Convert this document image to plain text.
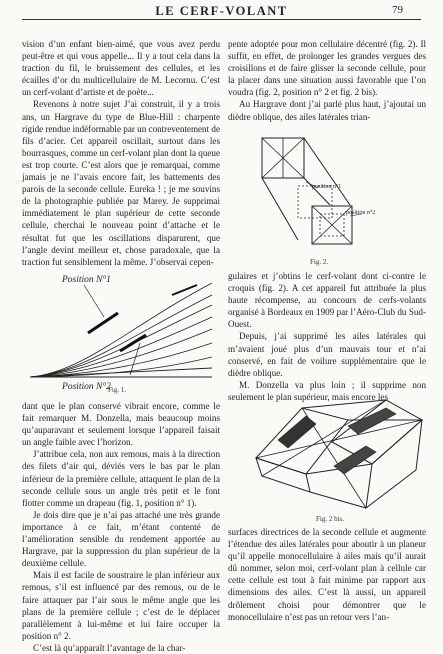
LE CERF-VOLANT	79

vision d’un enfant bien-aimé, que vous avez perdu peut-être et qui vous appelle... Il y a tout cela dans la traction du fil, le bruissement des cellules, et les écailles d’or du multicellulaire de M. Lecornu. C’est un cerf-volant d’artiste et de poète...

Revenons à notre sujet J’ai construit, il y a trois ans, un Hargrave du type de Blue-Hill : charpente rigide rendue indéformable par un contreventement de fils d’acier. Cet appareil oscillait, surtout dans les bourrasques, comme un cerf-volant plan dont la queue est trop courte. C’est alors que je remarquai, comme jamais je ne l’avais encore fait, les battements des parois de la seconde cellule. Eureka ! ; je me souvins de la photographie publiée par Marey. Je supprimai immédiatement le plan supérieur de cette seconde cellule, cherchai le nouveau point d’attache et le résultat fut que les oscillations disparurent, que l’angle devint meilleur et, chose paradoxale, que la traction fut sensiblement la même. J’observai cepen-

Position N°1
Position N°2
Fig. 1.

dant que le plan conservé vibrait encore, comme le fait remarquer M. Donzella, mais beaucoup moins qu’auparavant et seulement lorsque l’appareil faisait un angle faible avec l’horizon.

J’attribue cela, non aux remous, mais à la direction des filets d’air qui, déviés vers le bas par le plan inférieur de la première cellule, attaquent le plan de la seconde cellule sous un angle très petit et le font flotter comme un drapeau (fig. 1, position n° 1).

Je dois dire que je n’ai pas attaché une très grande importance à ce fait, m’étant contenté de l’amélioration sensible du rendement apportée au Hargrave, par la suppression du plan supérieur de la deuxième cellule.

Mais il est facile de soustraire le plan inférieur aux remous, s’il est influencé par des remous, ou de le faire attaquer par l’air sous le même angle que les plans de la première cellule ; c’est de le déplacer parallèlement à lui-même et lui faire occuper la position n° 2.

C’est là qu’apparaît l’avantage de la char-

pente adoptée pour mon cellulaire décentré (fig. 2). Il suffit, en effet, de prolonger les grandes vergues des croisillons et de faire glisser la seconde cellule, pour la placer dans une situation aussi favorable que l’on voudra (fig. 2, position n° 2 et fig. 2 bis).

Au Hargrave dont j’ai parlé plus haut, j’ajoutai un dièdre oblique, des ailes latérales trian-

position n°1
position n°2
Fig. 2.

gulaires et j’obtins le cerf-volant dont ci-contre le croquis (fig. 2). A cet appareil fut attribuée la plus haute récompense, au concours de cerfs-volants organisé à Bordeaux en 1909 par l’Aéro-Club du Sud-Ouest.

Depuis, j’ai supprimé les ailes latérales qui m’avaient joué plus d’un mauvais tour et n’ai conservé, en fait de voilure supplémentaire que le dièdre oblique.

M. Donzella va plus loin ; il supprime non seulement le plan supérieur, mais encore les

Fig. 2 bis.

surfaces directrices de la seconde cellule et augmente l’étendue des ailes latérales pour aboutir à un planeur qu’il appelle monocellulaire à ailes mais qu’il aurait dû nommer, selon moi, cerf-volant plan à cellule car cette cellule est tout à fait minime par rapport aux dimensions des ailes. C’est là aussi, un appareil drôlement choisi pour démontrer que le monocellulaire n’est pas un retour vers l’an-
